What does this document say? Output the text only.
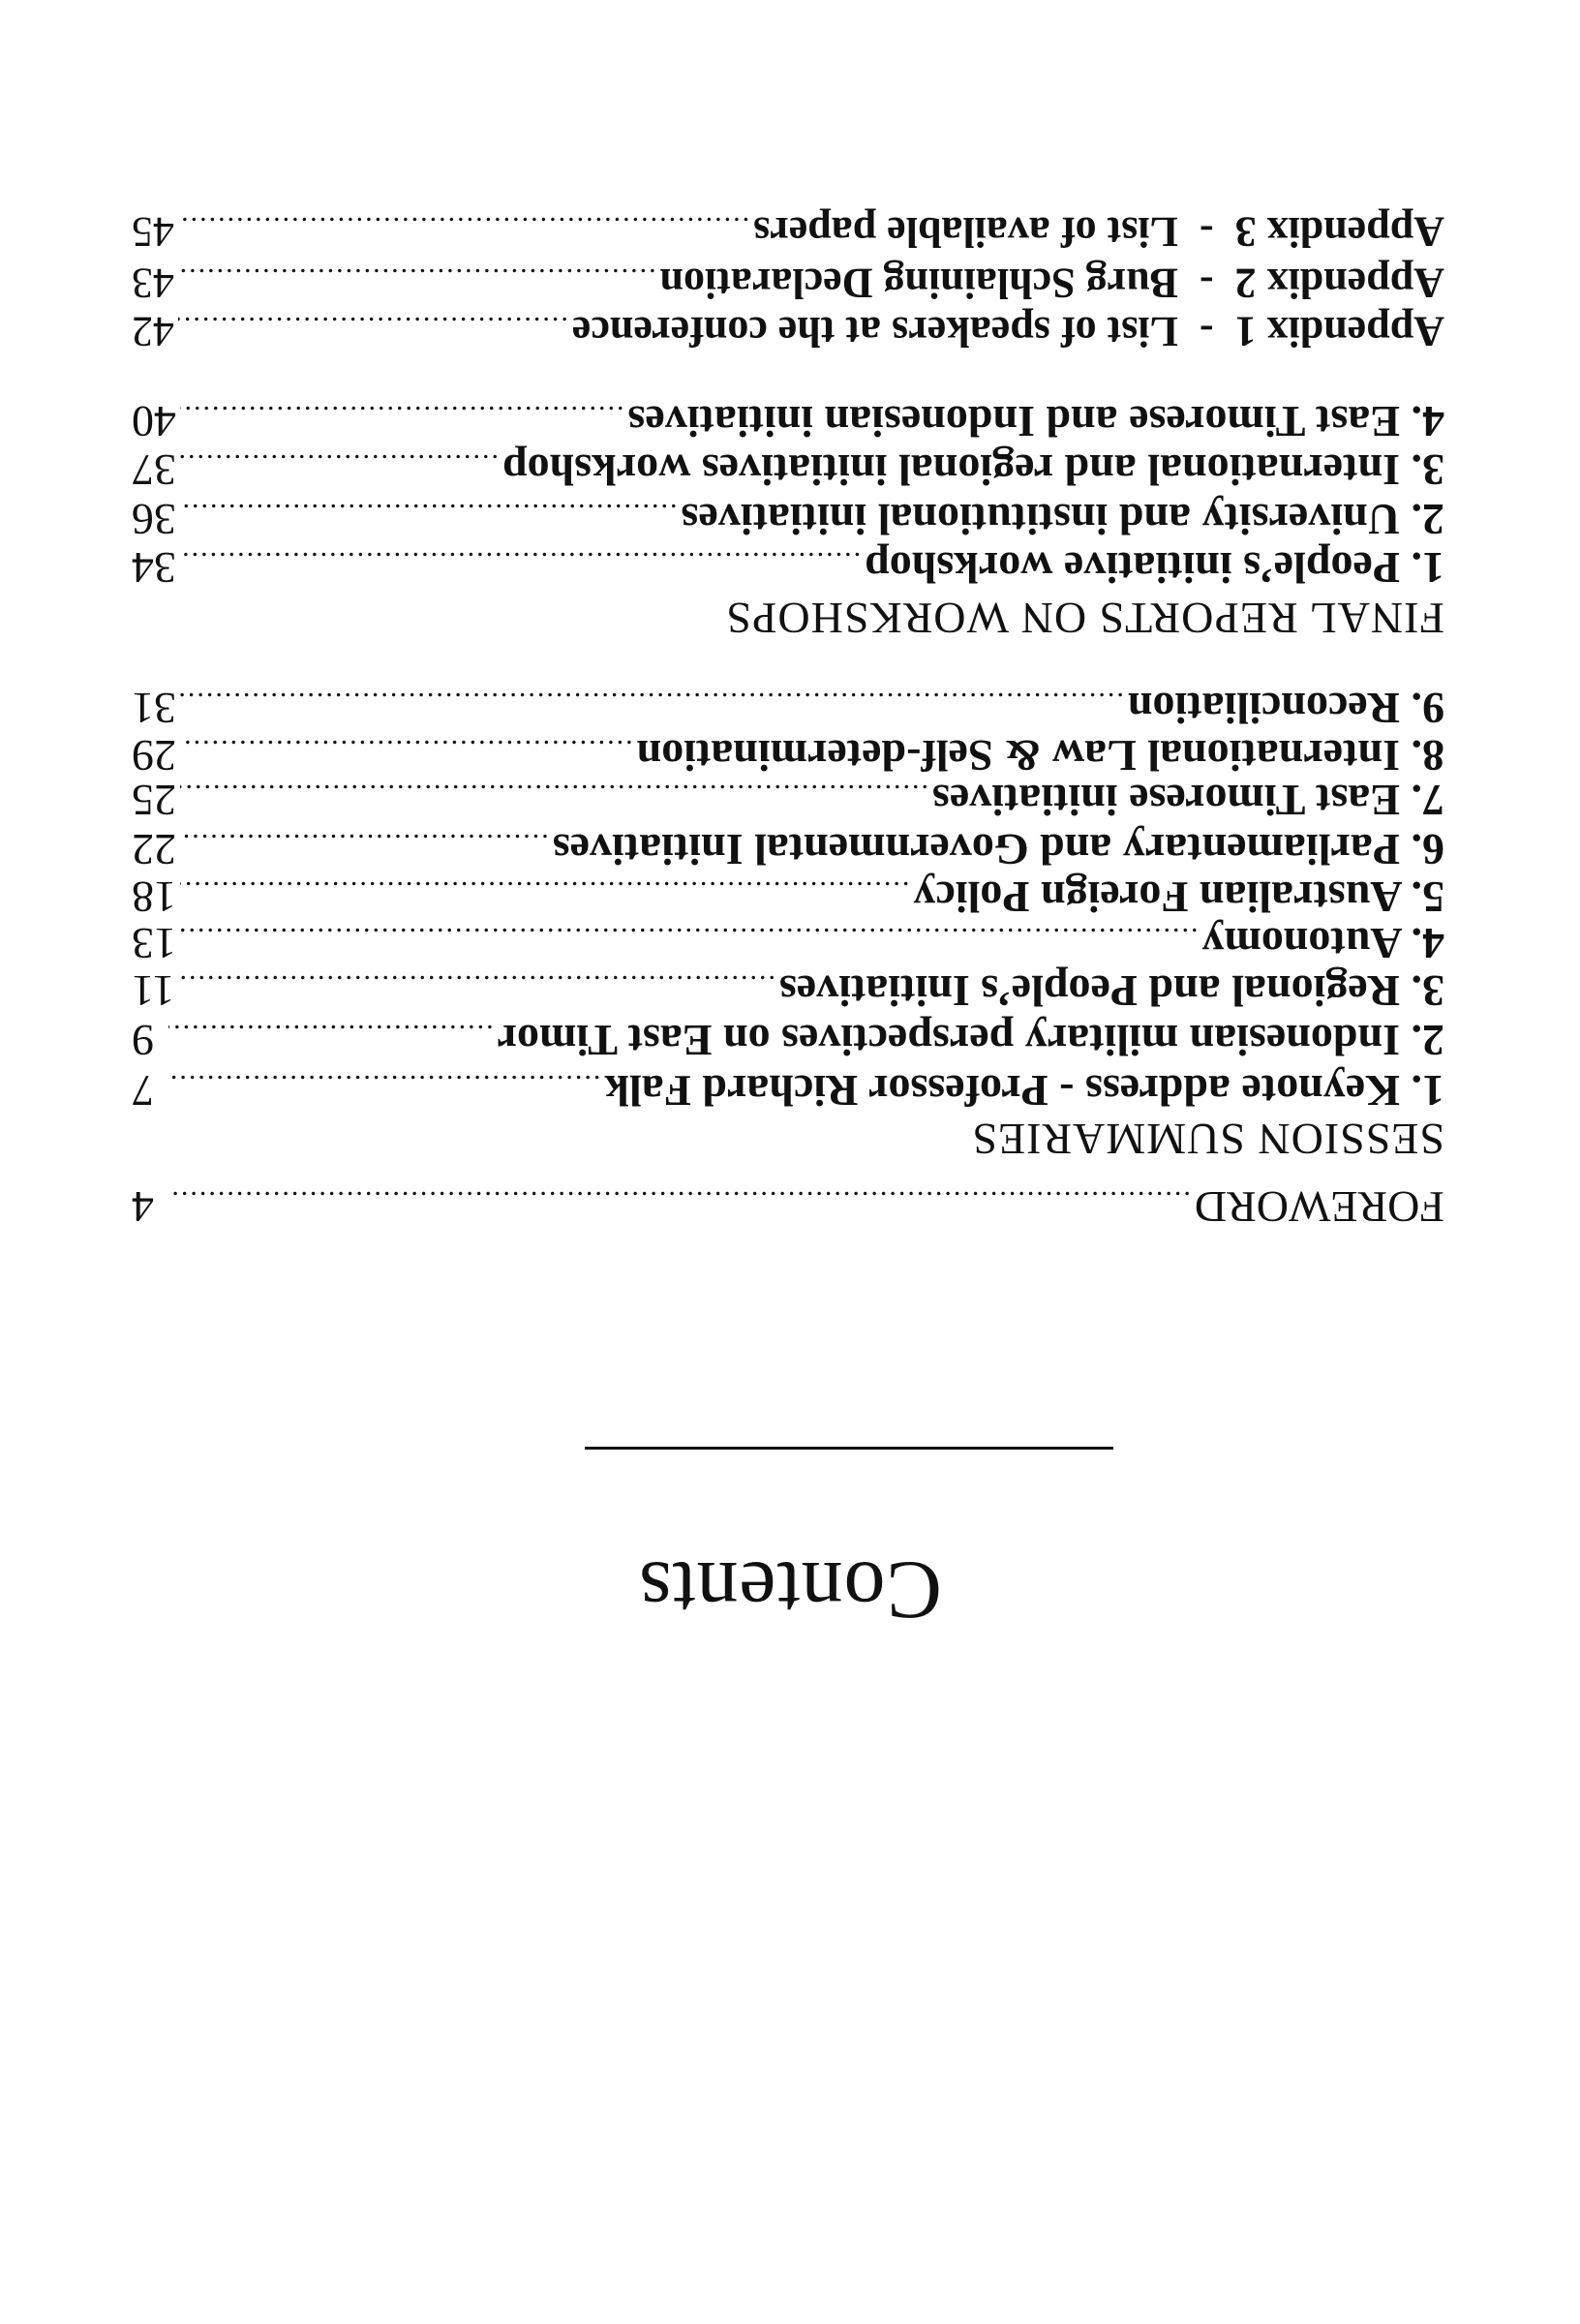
Contents
FOREWORD
.....
4
SESSION SUMMARIES
1. Keynote address - Professor Richard Falk
.....
7
2. Indonesian military perspectives on East Timor
.....
9
3. Regional and People’s Initiatives
.....
11
4. Autonomy
.....
13
5. Australian Foreign Policy
.....
18
6. Parliamentary and Governmental Initiatives
.....
22
7. East Timorese initiatives
.....
25
8. International Law & Self-determination
.....
29
9. Reconciliation
.....
31
FINAL REPORTS ON WORKSHOPS
1. People’s initiative workshop
.....
34
2. University and institutional initiatives
.....
36
3. International and regional initiatives workshop
.....
37
4. East Timorese and Indonesian initiatives
.....
40
Appendix 1  -  List of speakers at the conference
.....
42
Appendix 2  -  Burg Schlaining Declaration
.....
43
Appendix 3  -  List of available papers
.....
45
